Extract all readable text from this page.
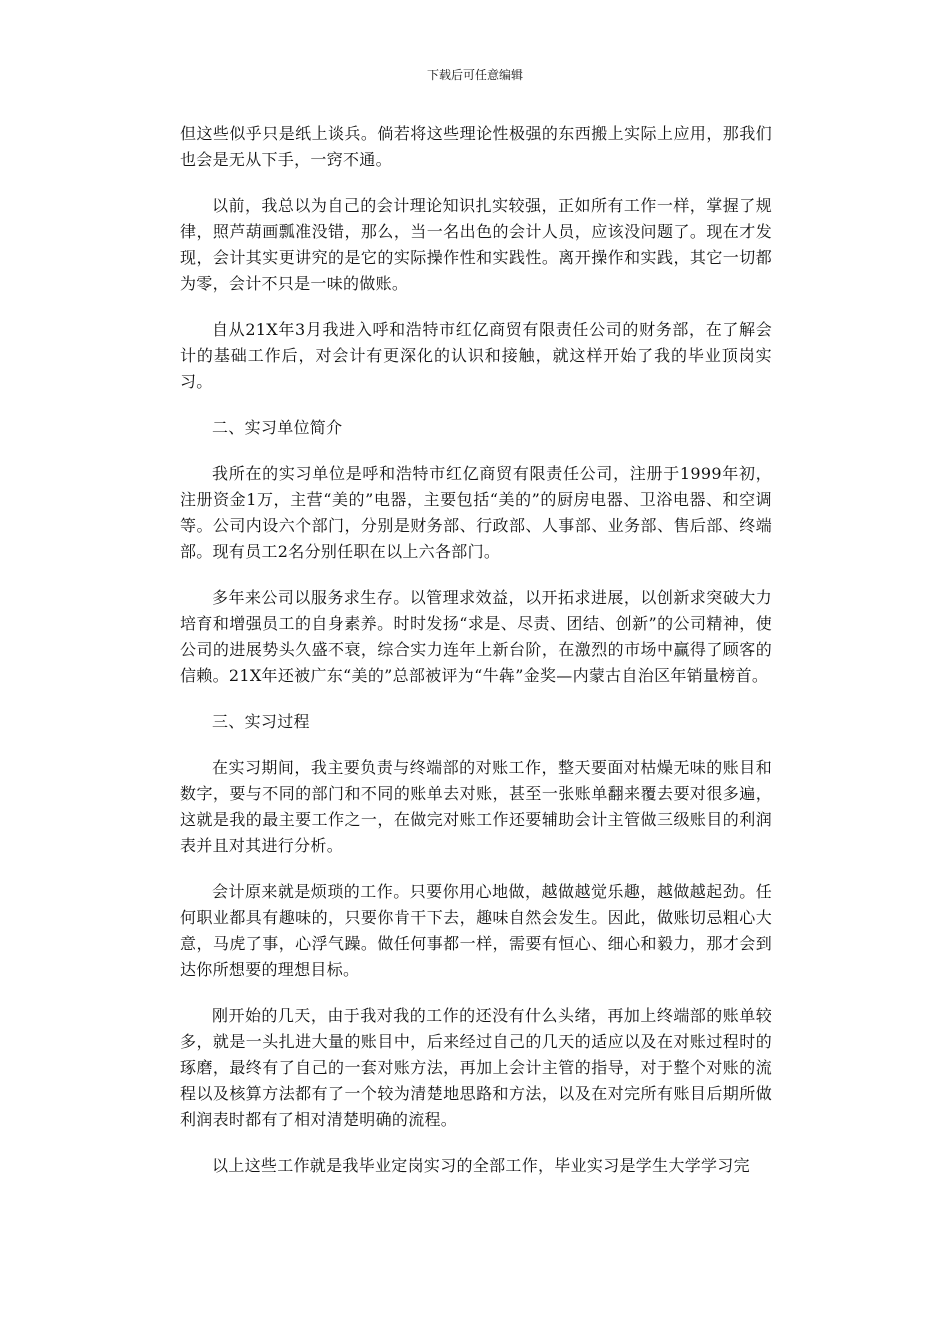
下载后可任意编辑

但这些似乎只是纸上谈兵。倘若将这些理论性极强的东西搬上实际上应用，那我们也会是无从下手，一窍不通。

以前，我总以为自己的会计理论知识扎实较强，正如所有工作一样，掌握了规律，照芦葫画瓢准没错，那么，当一名出色的会计人员，应该没问题了。现在才发现，会计其实更讲究的是它的实际操作性和实践性。离开操作和实践，其它一切都为零，会计不只是一味的做账。

自从21X年3月我进入呼和浩特市红亿商贸有限责任公司的财务部，在了解会计的基础工作后，对会计有更深化的认识和接触，就这样开始了我的毕业顶岗实习。

二、实习单位简介

我所在的实习单位是呼和浩特市红亿商贸有限责任公司，注册于1999年初，注册资金1万，主营“美的”电器，主要包括“美的”的厨房电器、卫浴电器、和空调等。公司内设六个部门，分别是财务部、行政部、人事部、业务部、售后部、终端部。现有员工2名分别任职在以上六各部门。

多年来公司以服务求生存。以管理求效益，以开拓求进展，以创新求突破大力培育和增强员工的自身素养。时时发扬“求是、尽责、团结、创新”的公司精神，使公司的进展势头久盛不衰，综合实力连年上新台阶，在激烈的市场中赢得了顾客的信赖。21X年还被广东“美的”总部被评为“牛犇”金奖—内蒙古自治区年销量榜首。

三、实习过程

在实习期间，我主要负责与终端部的对账工作，整天要面对枯燥无味的账目和数字，要与不同的部门和不同的账单去对账，甚至一张账单翻来覆去要对很多遍，这就是我的最主要工作之一，在做完对账工作还要辅助会计主管做三级账目的利润表并且对其进行分析。

会计原来就是烦琐的工作。只要你用心地做，越做越觉乐趣，越做越起劲。任何职业都具有趣味的，只要你肯干下去，趣味自然会发生。因此，做账切忌粗心大意，马虎了事，心浮气躁。做任何事都一样，需要有恒心、细心和毅力，那才会到达你所想要的理想目标。

刚开始的几天，由于我对我的工作的还没有什么头绪，再加上终端部的账单较多，就是一头扎进大量的账目中，后来经过自己的几天的适应以及在对账过程时的琢磨，最终有了自己的一套对账方法，再加上会计主管的指导，对于整个对账的流程以及核算方法都有了一个较为清楚地思路和方法，以及在对完所有账目后期所做利润表时都有了相对清楚明确的流程。

以上这些工作就是我毕业定岗实习的全部工作，毕业实习是学生大学学习完
